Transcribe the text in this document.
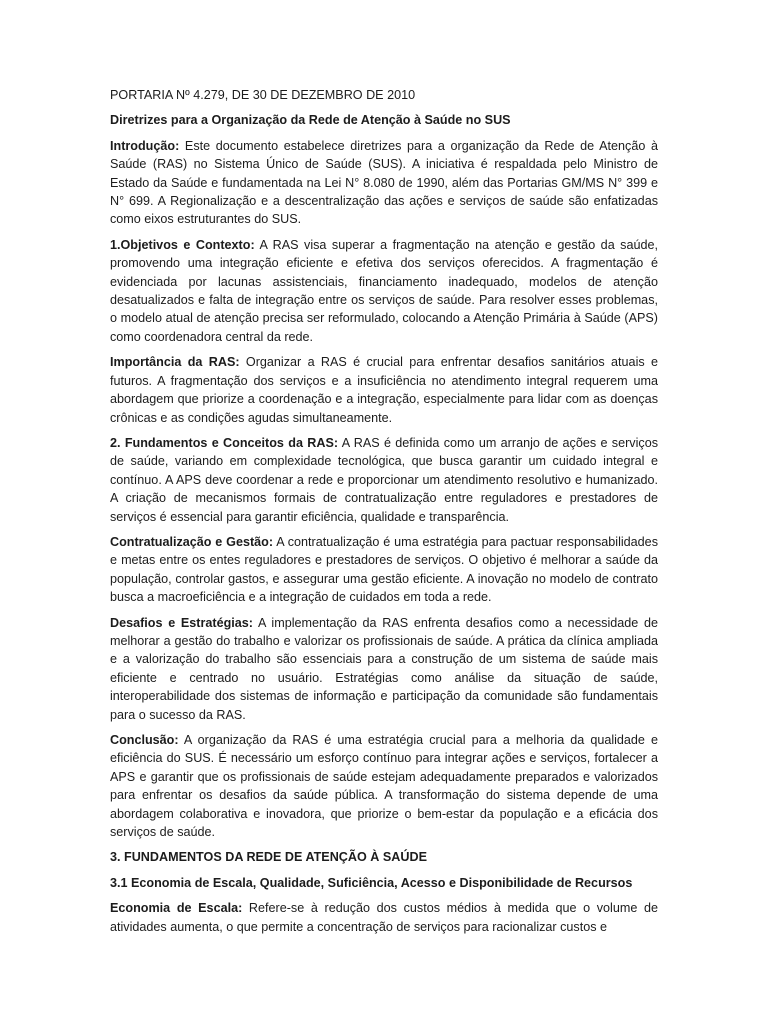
PORTARIA Nº 4.279, DE 30 DE DEZEMBRO DE 2010

Diretrizes para a Organização da Rede de Atenção à Saúde no SUS

Introdução: Este documento estabelece diretrizes para a organização da Rede de Atenção à Saúde (RAS) no Sistema Único de Saúde (SUS). A iniciativa é respaldada pelo Ministro de Estado da Saúde e fundamentada na Lei N° 8.080 de 1990, além das Portarias GM/MS N° 399 e N° 699. A Regionalização e a descentralização das ações e serviços de saúde são enfatizadas como eixos estruturantes do SUS.

1.Objetivos e Contexto: A RAS visa superar a fragmentação na atenção e gestão da saúde, promovendo uma integração eficiente e efetiva dos serviços oferecidos. A fragmentação é evidenciada por lacunas assistenciais, financiamento inadequado, modelos de atenção desatualizados e falta de integração entre os serviços de saúde. Para resolver esses problemas, o modelo atual de atenção precisa ser reformulado, colocando a Atenção Primária à Saúde (APS) como coordenadora central da rede.

Importância da RAS: Organizar a RAS é crucial para enfrentar desafios sanitários atuais e futuros. A fragmentação dos serviços e a insuficiência no atendimento integral requerem uma abordagem que priorize a coordenação e a integração, especialmente para lidar com as doenças crônicas e as condições agudas simultaneamente.

2. Fundamentos e Conceitos da RAS: A RAS é definida como um arranjo de ações e serviços de saúde, variando em complexidade tecnológica, que busca garantir um cuidado integral e contínuo. A APS deve coordenar a rede e proporcionar um atendimento resolutivo e humanizado. A criação de mecanismos formais de contratualização entre reguladores e prestadores de serviços é essencial para garantir eficiência, qualidade e transparência.

Contratualização e Gestão: A contratualização é uma estratégia para pactuar responsabilidades e metas entre os entes reguladores e prestadores de serviços. O objetivo é melhorar a saúde da população, controlar gastos, e assegurar uma gestão eficiente. A inovação no modelo de contrato busca a macroeficiência e a integração de cuidados em toda a rede.

Desafios e Estratégias: A implementação da RAS enfrenta desafios como a necessidade de melhorar a gestão do trabalho e valorizar os profissionais de saúde. A prática da clínica ampliada e a valorização do trabalho são essenciais para a construção de um sistema de saúde mais eficiente e centrado no usuário. Estratégias como análise da situação de saúde, interoperabilidade dos sistemas de informação e participação da comunidade são fundamentais para o sucesso da RAS.

Conclusão: A organização da RAS é uma estratégia crucial para a melhoria da qualidade e eficiência do SUS. É necessário um esforço contínuo para integrar ações e serviços, fortalecer a APS e garantir que os profissionais de saúde estejam adequadamente preparados e valorizados para enfrentar os desafios da saúde pública. A transformação do sistema depende de uma abordagem colaborativa e inovadora, que priorize o bem-estar da população e a eficácia dos serviços de saúde.

3. FUNDAMENTOS DA REDE DE ATENÇÃO À SAÚDE

3.1 Economia de Escala, Qualidade, Suficiência, Acesso e Disponibilidade de Recursos

Economia de Escala: Refere-se à redução dos custos médios à medida que o volume de atividades aumenta, o que permite a concentração de serviços para racionalizar custos e
